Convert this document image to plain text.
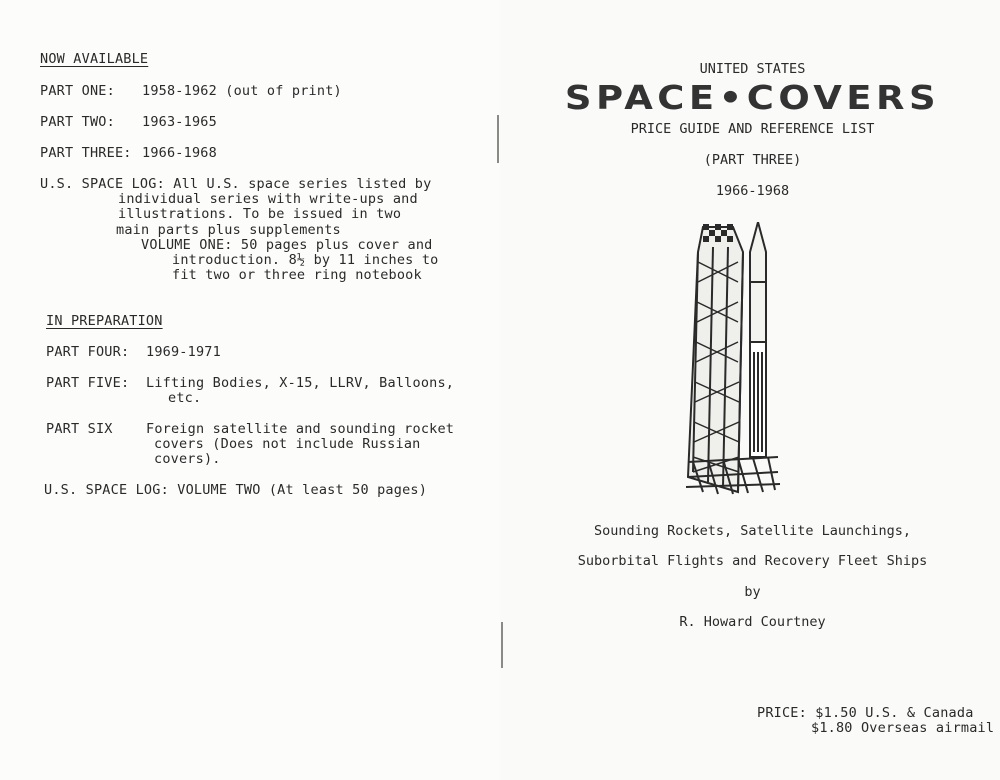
NOW AVAILABLE
PART ONE: 1958-1962 (out of print)
PART TWO: 1963-1965
PART THREE: 1966-1968
U.S. SPACE LOG: All U.S. space series listed by
individual series with write-ups and
illustrations. To be issued in two
main parts plus supplements
VOLUME ONE: 50 pages plus cover and
introduction. 8½ by 11 inches to
fit two or three ring notebook
IN PREPARATION
PART FOUR: 1969-1971
PART FIVE: Lifting Bodies, X-15, LLRV, Balloons,
etc.
PART SIX Foreign satellite and sounding rocket
covers (Does not include Russian
covers).
U.S. SPACE LOG: VOLUME TWO (At least 50 pages)
UNITED STATES
SPACE•COVERS
PRICE GUIDE AND REFERENCE LIST
(PART THREE)
1966-1968
Sounding Rockets, Satellite Launchings,
Suborbital Flights and Recovery Fleet Ships
by
R. Howard Courtney
PRICE: $1.50 U.S. & Canada
$1.80 Overseas airmail
